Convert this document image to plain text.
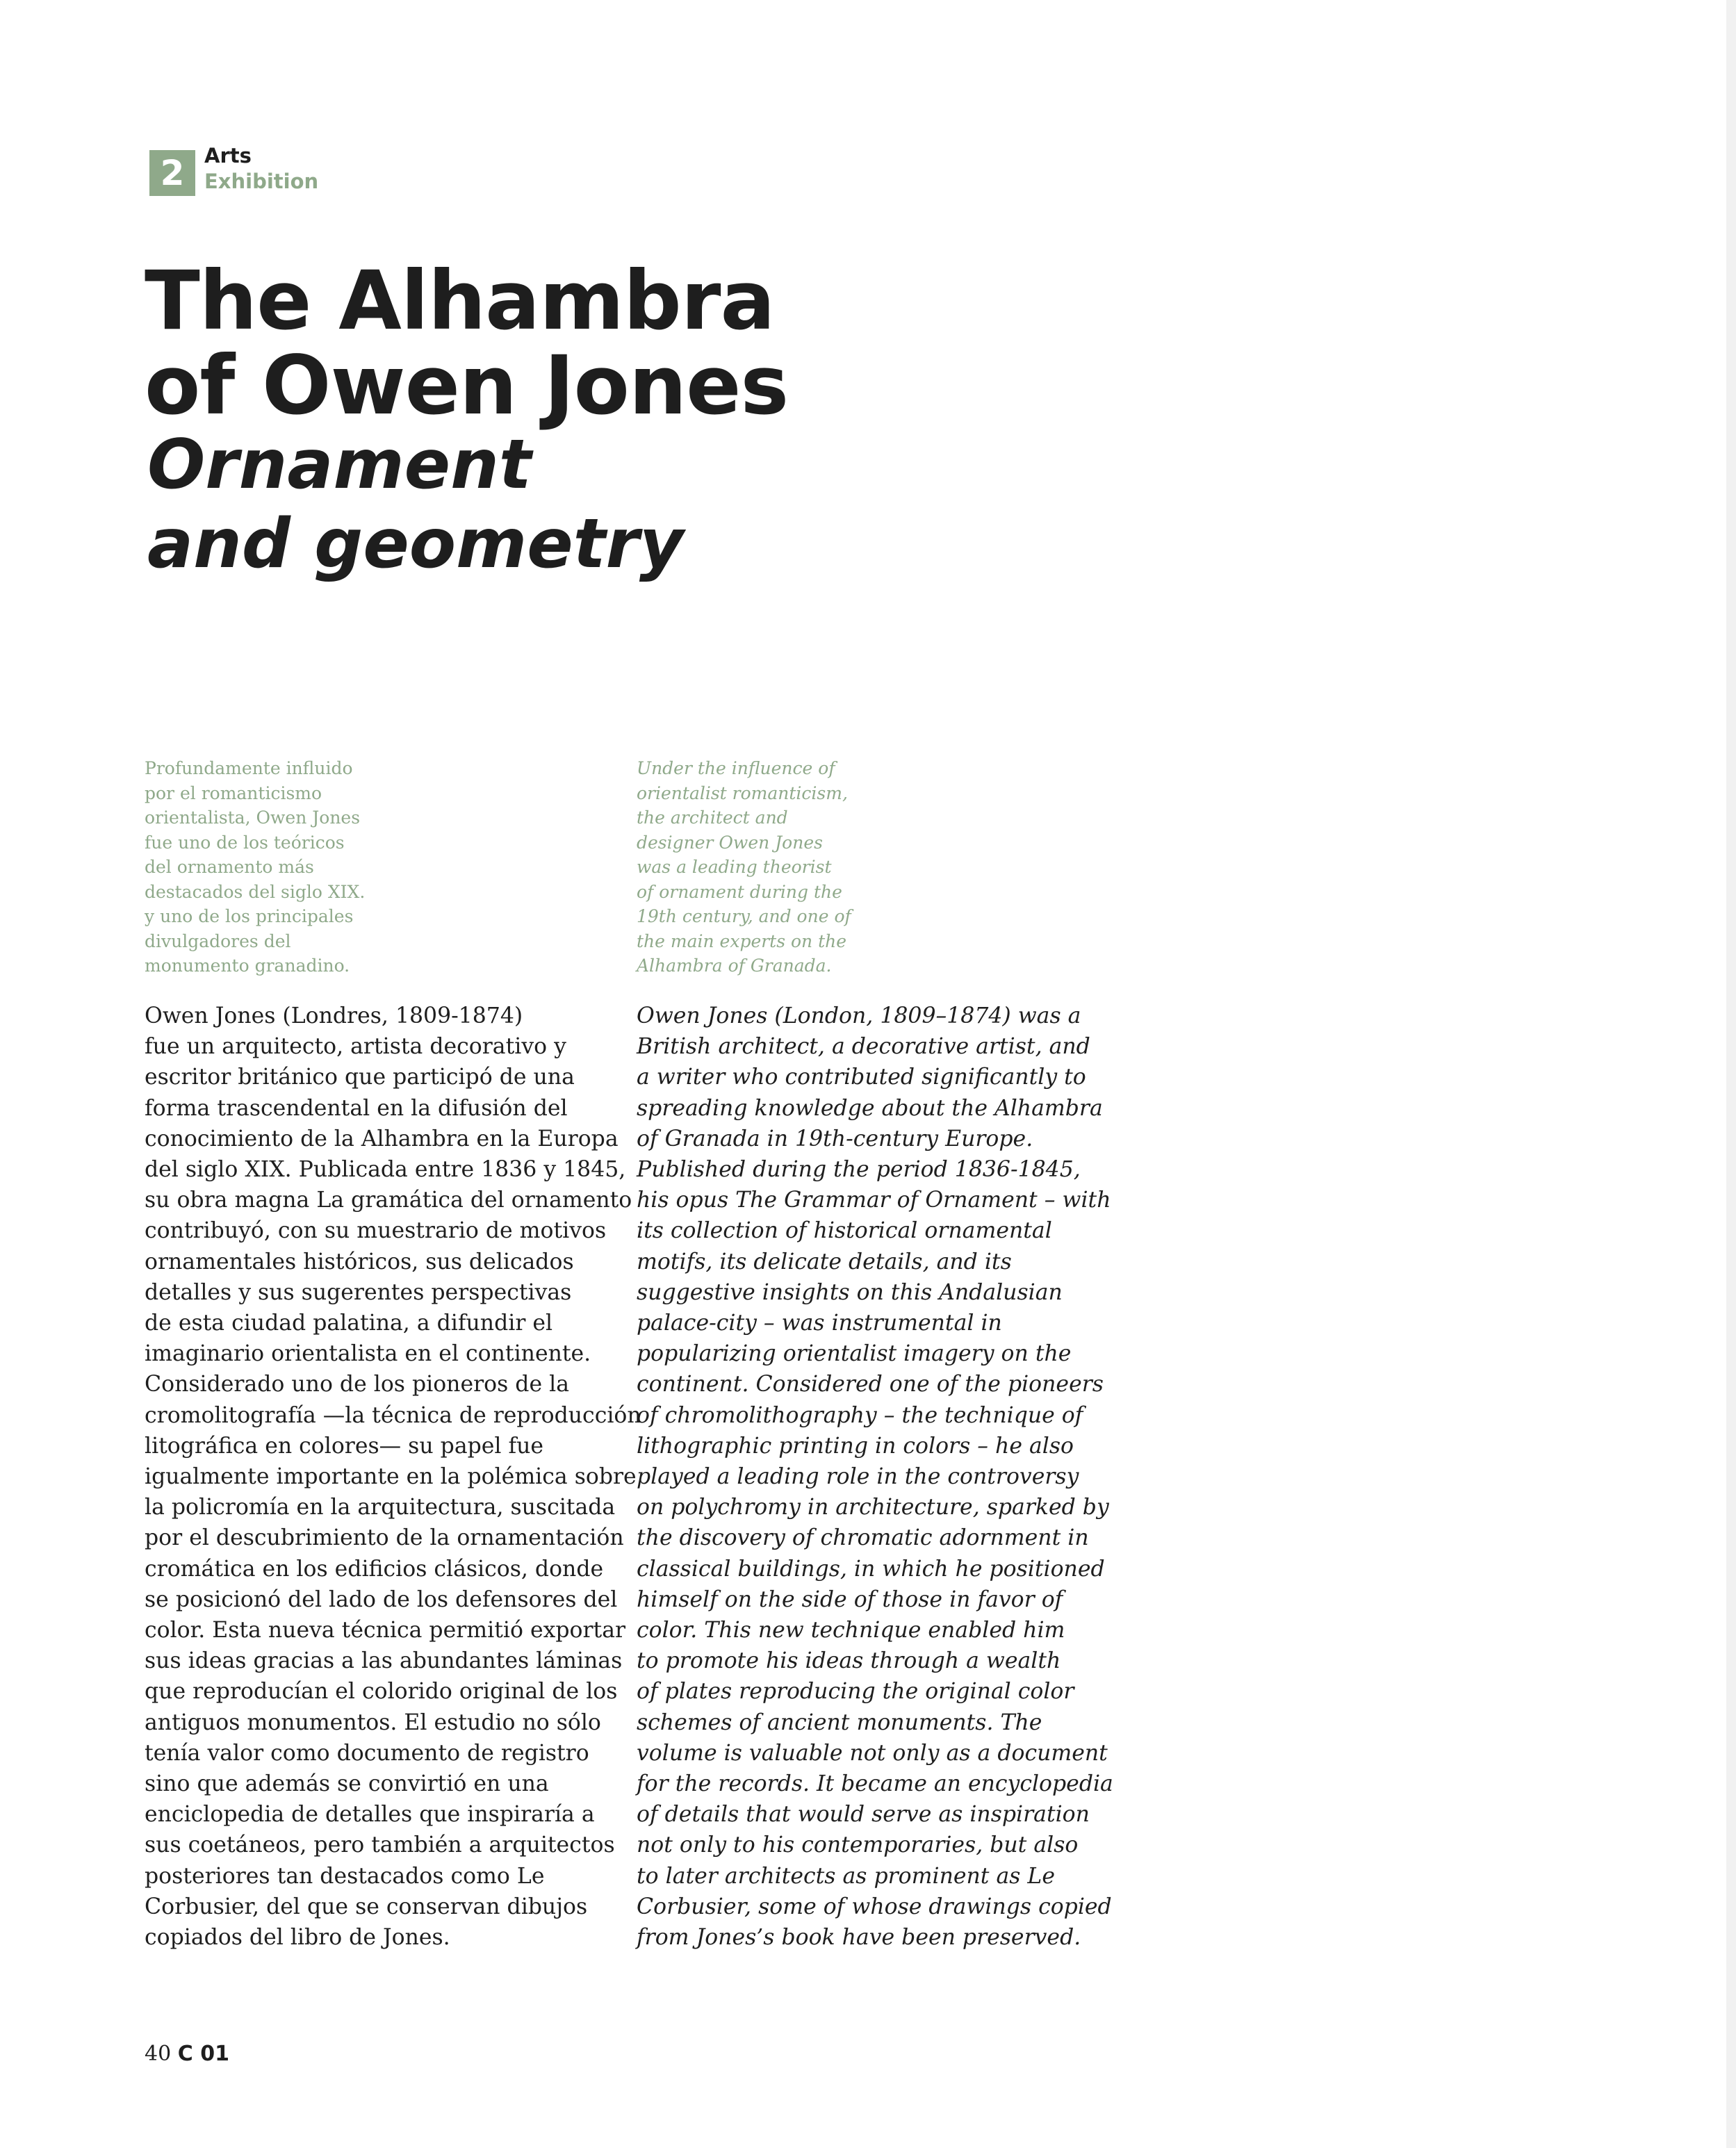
2 Arts
Exhibition
The Alhambra
of Owen Jones
Ornament
and geometry

Profundamente influido
por el romanticismo
orientalista, Owen Jones
fue uno de los teóricos
del ornamento más
destacados del siglo XIX.
y uno de los principales
divulgadores del
monumento granadino.

Under the influence of
orientalist romanticism,
the architect and
designer Owen Jones
was a leading theorist
of ornament during the
19th century, and one of
the main experts on the
Alhambra of Granada.

Owen Jones (Londres, 1809-1874)
fue un arquitecto, artista decorativo y
escritor británico que participó de una
forma trascendental en la difusión del
conocimiento de la Alhambra en la Europa
del siglo XIX. Publicada entre 1836 y 1845,
su obra magna La gramática del ornamento
contribuyó, con su muestrario de motivos
ornamentales históricos, sus delicados
detalles y sus sugerentes perspectivas
de esta ciudad palatina, a difundir el
imaginario orientalista en el continente.
Considerado uno de los pioneros de la
cromolitografía —la técnica de reproducción
litográfica en colores— su papel fue
igualmente importante en la polémica sobre
la policromía en la arquitectura, suscitada
por el descubrimiento de la ornamentación
cromática en los edificios clásicos, donde
se posicionó del lado de los defensores del
color. Esta nueva técnica permitió exportar
sus ideas gracias a las abundantes láminas
que reproducían el colorido original de los
antiguos monumentos. El estudio no sólo
tenía valor como documento de registro
sino que además se convirtió en una
enciclopedia de detalles que inspiraría a
sus coetáneos, pero también a arquitectos
posteriores tan destacados como Le
Corbusier, del que se conservan dibujos
copiados del libro de Jones.

Owen Jones (London, 1809–1874) was a
British architect, a decorative artist, and
a writer who contributed significantly to
spreading knowledge about the Alhambra
of Granada in 19th-century Europe.
Published during the period 1836-1845,
his opus The Grammar of Ornament – with
its collection of historical ornamental
motifs, its delicate details, and its
suggestive insights on this Andalusian
palace-city – was instrumental in
popularizing orientalist imagery on the
continent. Considered one of the pioneers
of chromolithography – the technique of
lithographic printing in colors – he also
played a leading role in the controversy
on polychromy in architecture, sparked by
the discovery of chromatic adornment in
classical buildings, in which he positioned
himself on the side of those in favor of
color. This new technique enabled him
to promote his ideas through a wealth
of plates reproducing the original color
schemes of ancient monuments. The
volume is valuable not only as a document
for the records. It became an encyclopedia
of details that would serve as inspiration
not only to his contemporaries, but also
to later architects as prominent as Le
Corbusier, some of whose drawings copied
from Jones’s book have been preserved.

40 C 01
